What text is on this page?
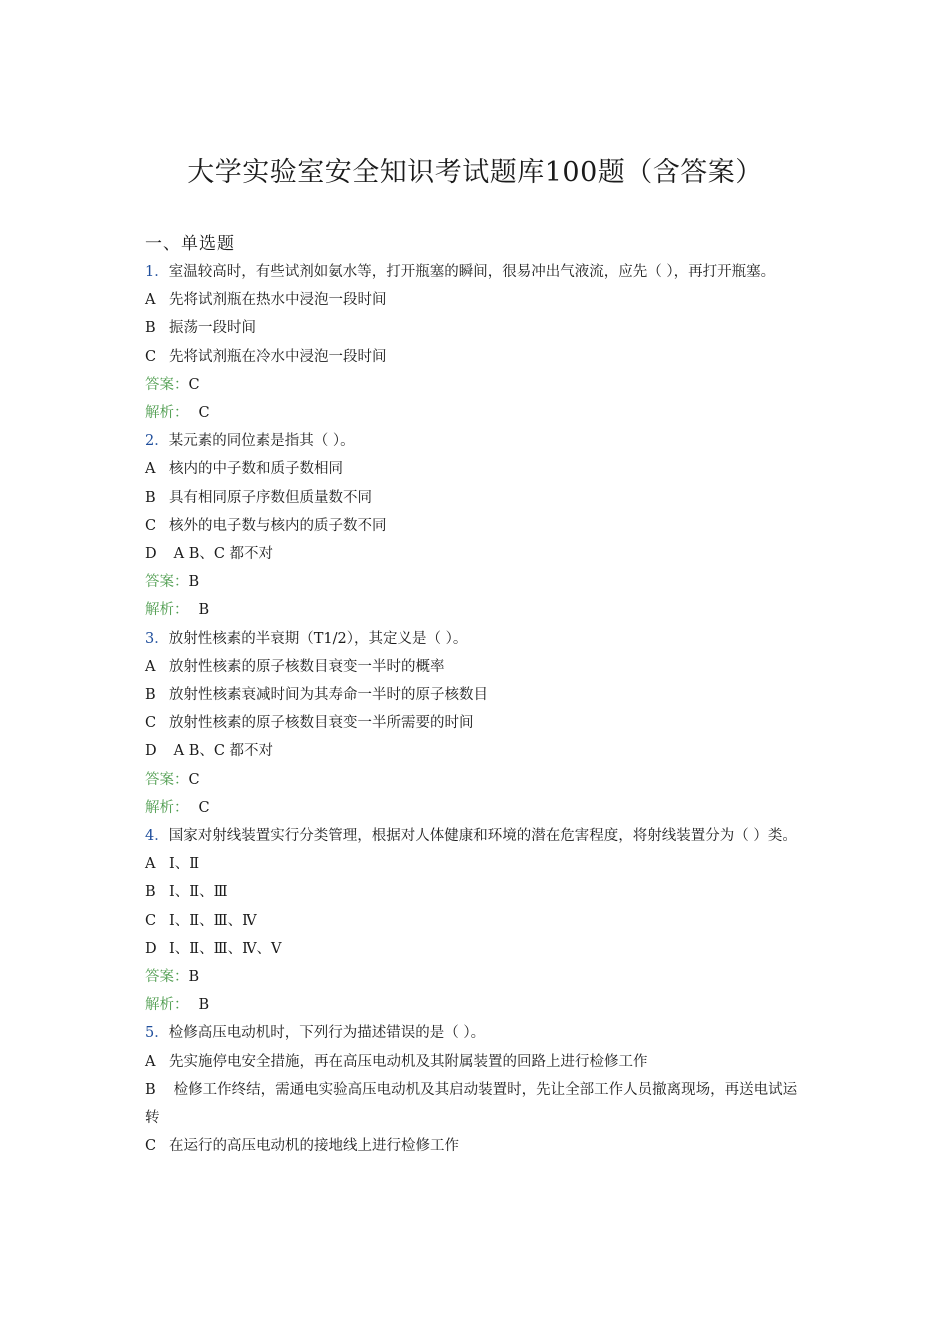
大学实验室安全知识考试题库100题（含答案）
一、单选题

1．室温较高时，有些试剂如氨水等，打开瓶塞的瞬间，很易冲出气液流，应先（ ），再打开瓶塞。

A 先将试剂瓶在热水中浸泡一段时间

B 振荡一段时间

C 先将试剂瓶在冷水中浸泡一段时间

答案：C

解析： C

2．某元素的同位素是指其（ ）。

A 核内的中子数和质子数相同

B 具有相同原子序数但质量数不同

C 核外的电子数与核内的质子数不同

D A B、C 都不对

答案：B

解析： B

3．放射性核素的半衰期（T1/2），其定义是（ ）。

A 放射性核素的原子核数目衰变一半时的概率

B 放射性核素衰减时间为其寿命一半时的原子核数目

C 放射性核素的原子核数目衰变一半所需要的时间

D A B、C 都不对

答案：C

解析： C

4．国家对射线装置实行分类管理，根据对人体健康和环境的潜在危害程度，将射线装置分为（ ）类。

A Ⅰ、Ⅱ

B Ⅰ、Ⅱ、Ⅲ

C Ⅰ、Ⅱ、Ⅲ、Ⅳ

D Ⅰ、Ⅱ、Ⅲ、Ⅳ、Ⅴ

答案：B

解析： B

5．检修高压电动机时，下列行为描述错误的是（ ）。

A 先实施停电安全措施，再在高压电动机及其附属装置的回路上进行检修工作

B 检修工作终结，需通电实验高压电动机及其启动装置时，先让全部工作人员撤离现场，再送电试运转

C 在运行的高压电动机的接地线上进行检修工作
